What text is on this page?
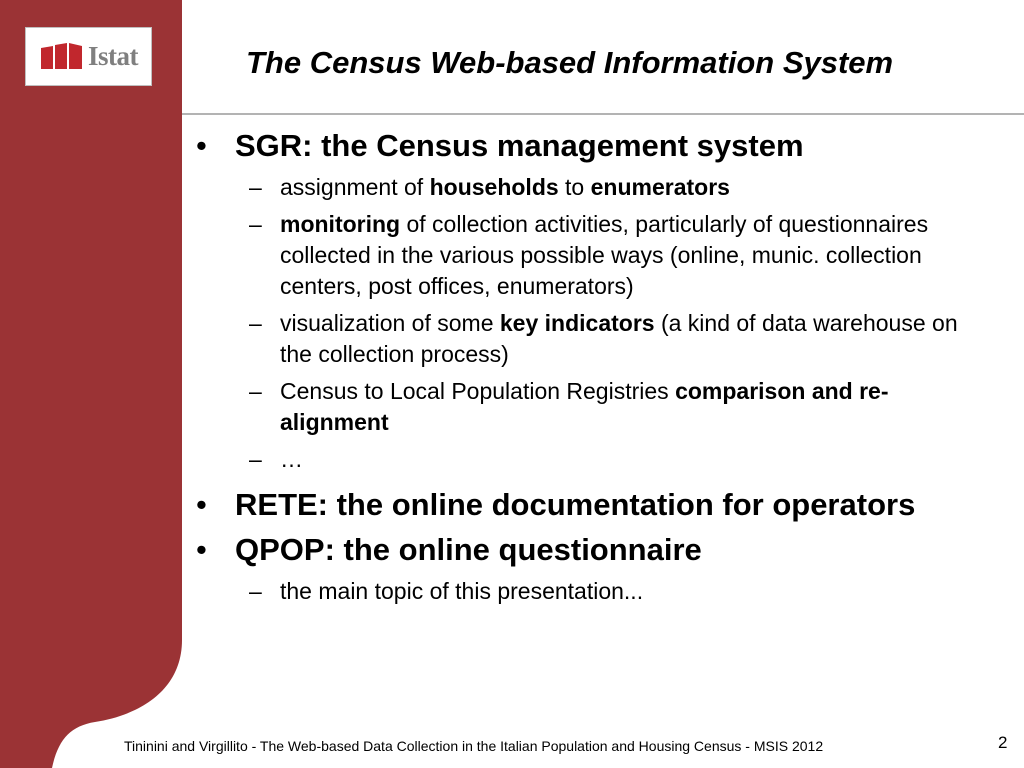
Istat	The Census Web-based Information System
• SGR: the Census management system
– assignment of households to enumerators
– monitoring of collection activities, particularly of questionnaires collected in the various possible ways (online, munic. collection centers, post offices, enumerators)
– visualization of some key indicators (a kind of data warehouse on the collection process)
– Census to Local Population Registries comparison and re-alignment
– …
• RETE: the online documentation for operators
• QPOP: the online questionnaire
– the main topic of this presentation...
Tininini and Virgillito - The Web-based Data Collection in the Italian Population and Housing Census - MSIS 2012	2
